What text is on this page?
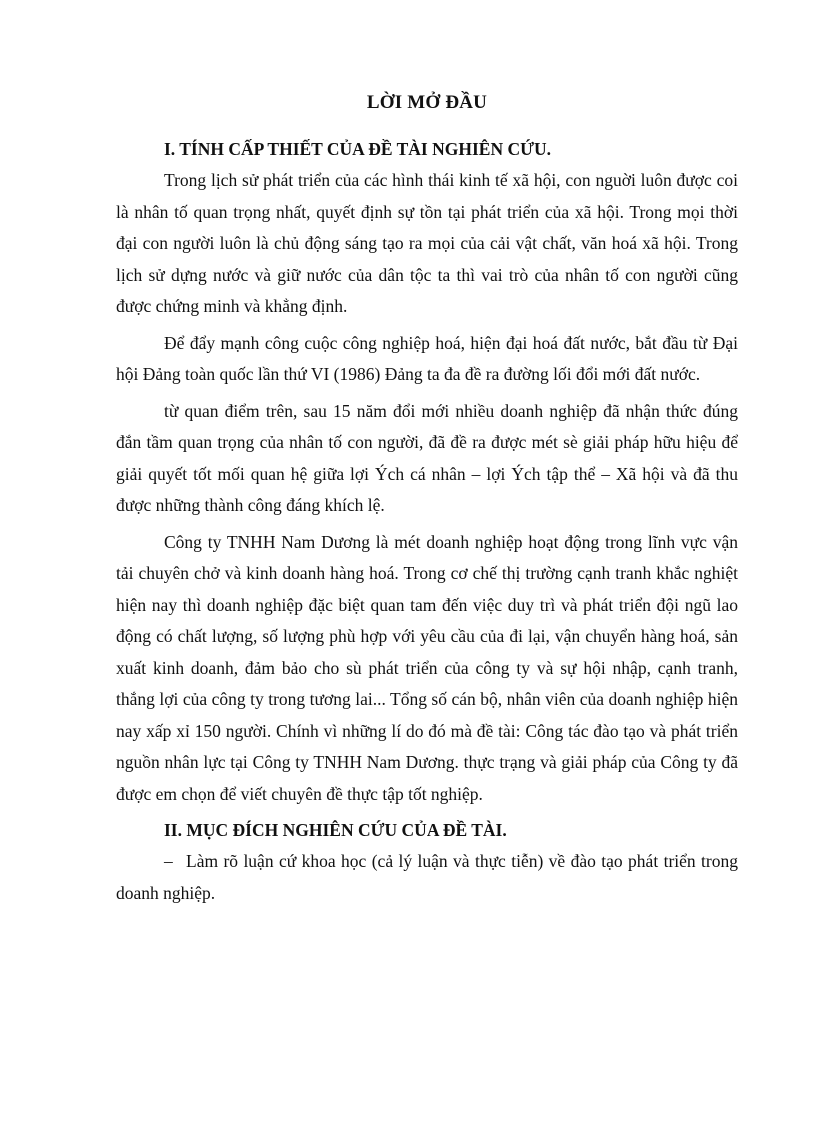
LỜI MỞ ĐẦU
I. TÍNH CẤP THIẾT CỦA ĐỀ TÀI NGHIÊN CỨU.

Trong lịch sử phát triển của các hình thái kinh tế xã hội, con nguời luôn được coi là nhân tố quan trọng nhất, quyết định sự tồn tại phát triển của xã hội. Trong mọi thời đại con người luôn là chủ động sáng tạo ra mọi của cải vật chất, văn hoá xã hội. Trong lịch sử dựng nước và giữ nước của dân tộc ta thì vai trò của nhân tố con người cũng được chứng minh và khẳng định.

Để đẩy mạnh công cuộc công nghiệp hoá, hiện đại hoá đất nước, bắt đầu từ Đại hội Đảng toàn quốc lần thứ VI (1986) Đảng ta đa đề ra đường lối đổi mới đất nước.

từ quan điểm trên, sau 15 năm đổi mới nhiều doanh nghiệp đã nhận thức đúng đắn tầm quan trọng của nhân tố con người, đã đề ra được mét sè giải pháp hữu hiệu để giải quyết tốt mối quan hệ giữa lợi Ých cá nhân – lợi Ých tập thể – Xã hội và đã thu được những thành công đáng khích lệ.

Công ty TNHH Nam Dương là mét doanh nghiệp hoạt động trong lĩnh vực vận tải chuyên chở và kinh doanh hàng hoá. Trong cơ chế thị trường cạnh tranh khắc nghiệt hiện nay thì doanh nghiệp đặc biệt quan tam đến việc duy trì và phát triển đội ngũ lao động có chất lượng, số lượng phù hợp với yêu cầu của đi lại, vận chuyển hàng hoá, sản xuất kinh doanh, đảm bảo cho sù phát triển của công ty và sự hội nhập, cạnh tranh, thắng lợi của công ty trong tương lai... Tổng số cán bộ, nhân viên của doanh nghiệp hiện nay xấp xỉ 150 người. Chính vì những lí do đó mà đề tài: Công tác đào tạo và phát triển nguồn nhân lực tại Công ty TNHH Nam Dương. thực trạng và giải pháp của Công ty đã được em chọn để viết chuyên đề thực tập tốt nghiệp.

II. MỤC ĐÍCH NGHIÊN CỨU CỦA ĐỀ TÀI.

– Làm rõ luận cứ khoa học (cả lý luận và thực tiễn) về đào tạo phát triển trong doanh nghiệp.
